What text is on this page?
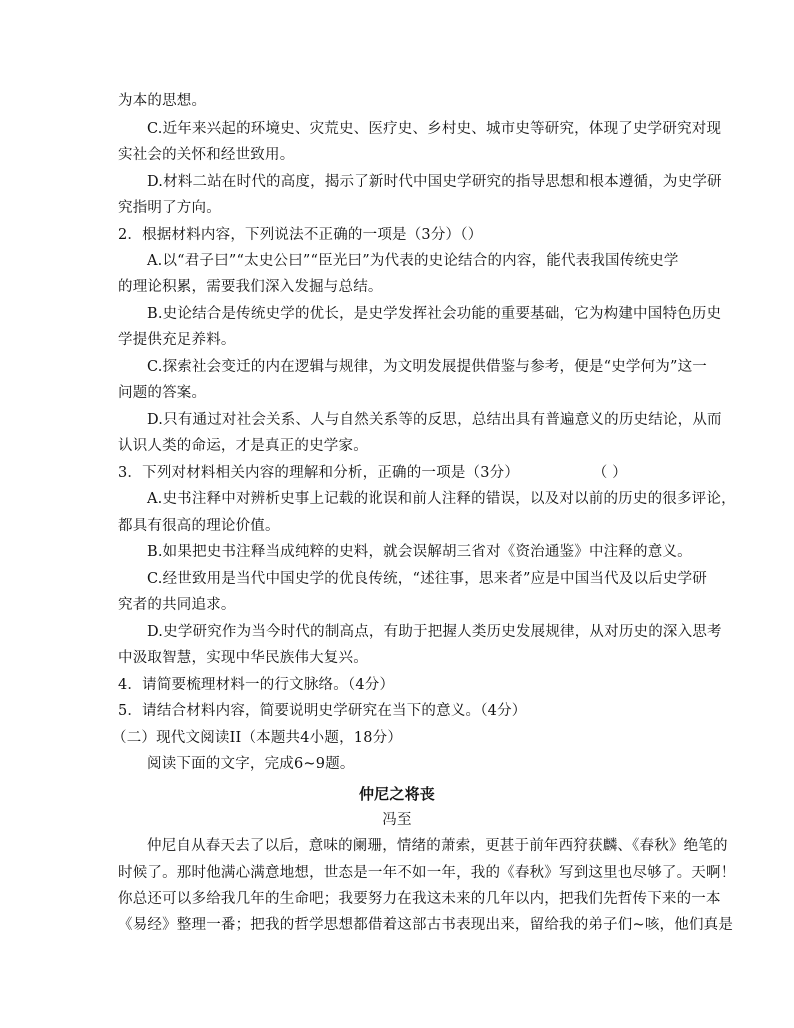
为本的思想。
C.近年来兴起的环境史、灾荒史、医疗史、乡村史、城市史等研究，体现了史学研究对现
实社会的关怀和经世致用。
D.材料二站在时代的高度，揭示了新时代中国史学研究的指导思想和根本遵循，为史学研
究指明了方向。
2．根据材料内容，下列说法不正确的一项是（3分）（）
A.以“君子曰”“太史公曰”“臣光曰”为代表的史论结合的内容，能代表我国传统史学
的理论积累，需要我们深入发掘与总结。
B.史论结合是传统史学的优长，是史学发挥社会功能的重要基础，它为构建中国特色历史
学提供充足养料。
C.探索社会变迁的内在逻辑与规律，为文明发展提供借鉴与参考，便是“史学何为”这一
问题的答案。
D.只有通过对社会关系、人与自然关系等的反思，总结出具有普遍意义的历史结论，从而
认识人类的命运，才是真正的史学家。
3．下列对材料相关内容的理解和分析，正确的一项是（3分）　　　　　　（ ）
A.史书注释中对辨析史事上记载的讹误和前人注释的错误，以及对以前的历史的很多评论，
都具有很高的理论价值。
B.如果把史书注释当成纯粹的史料，就会误解胡三省对《资治通鉴》中注释的意义。
C.经世致用是当代中国史学的优良传统，“述往事，思来者”应是中国当代及以后史学研
究者的共同追求。
D.史学研究作为当今时代的制高点，有助于把握人类历史发展规律，从对历史的深入思考
中汲取智慧，实现中华民族伟大复兴。
4．请简要梳理材料一的行文脉络。（4分）
5．请结合材料内容，简要说明史学研究在当下的意义。（4分）
（二）现代文阅读II（本题共4小题，18分）
阅读下面的文字，完成6~9题。
仲尼之将丧
冯至
仲尼自从春天去了以后，意味的阑珊，情绪的萧索，更甚于前年西狩获麟、《春秋》绝笔的
时候了。那时他满心满意地想，世态是一年不如一年，我的《春秋》写到这里也尽够了。天啊！
你总还可以多给我几年的生命吧；我要努力在我这未来的几年以内，把我们先哲传下来的一本
《易经》整理一番；把我的哲学思想都借着这部古书表现出来，留给我的弟子们~咳，他们真是
